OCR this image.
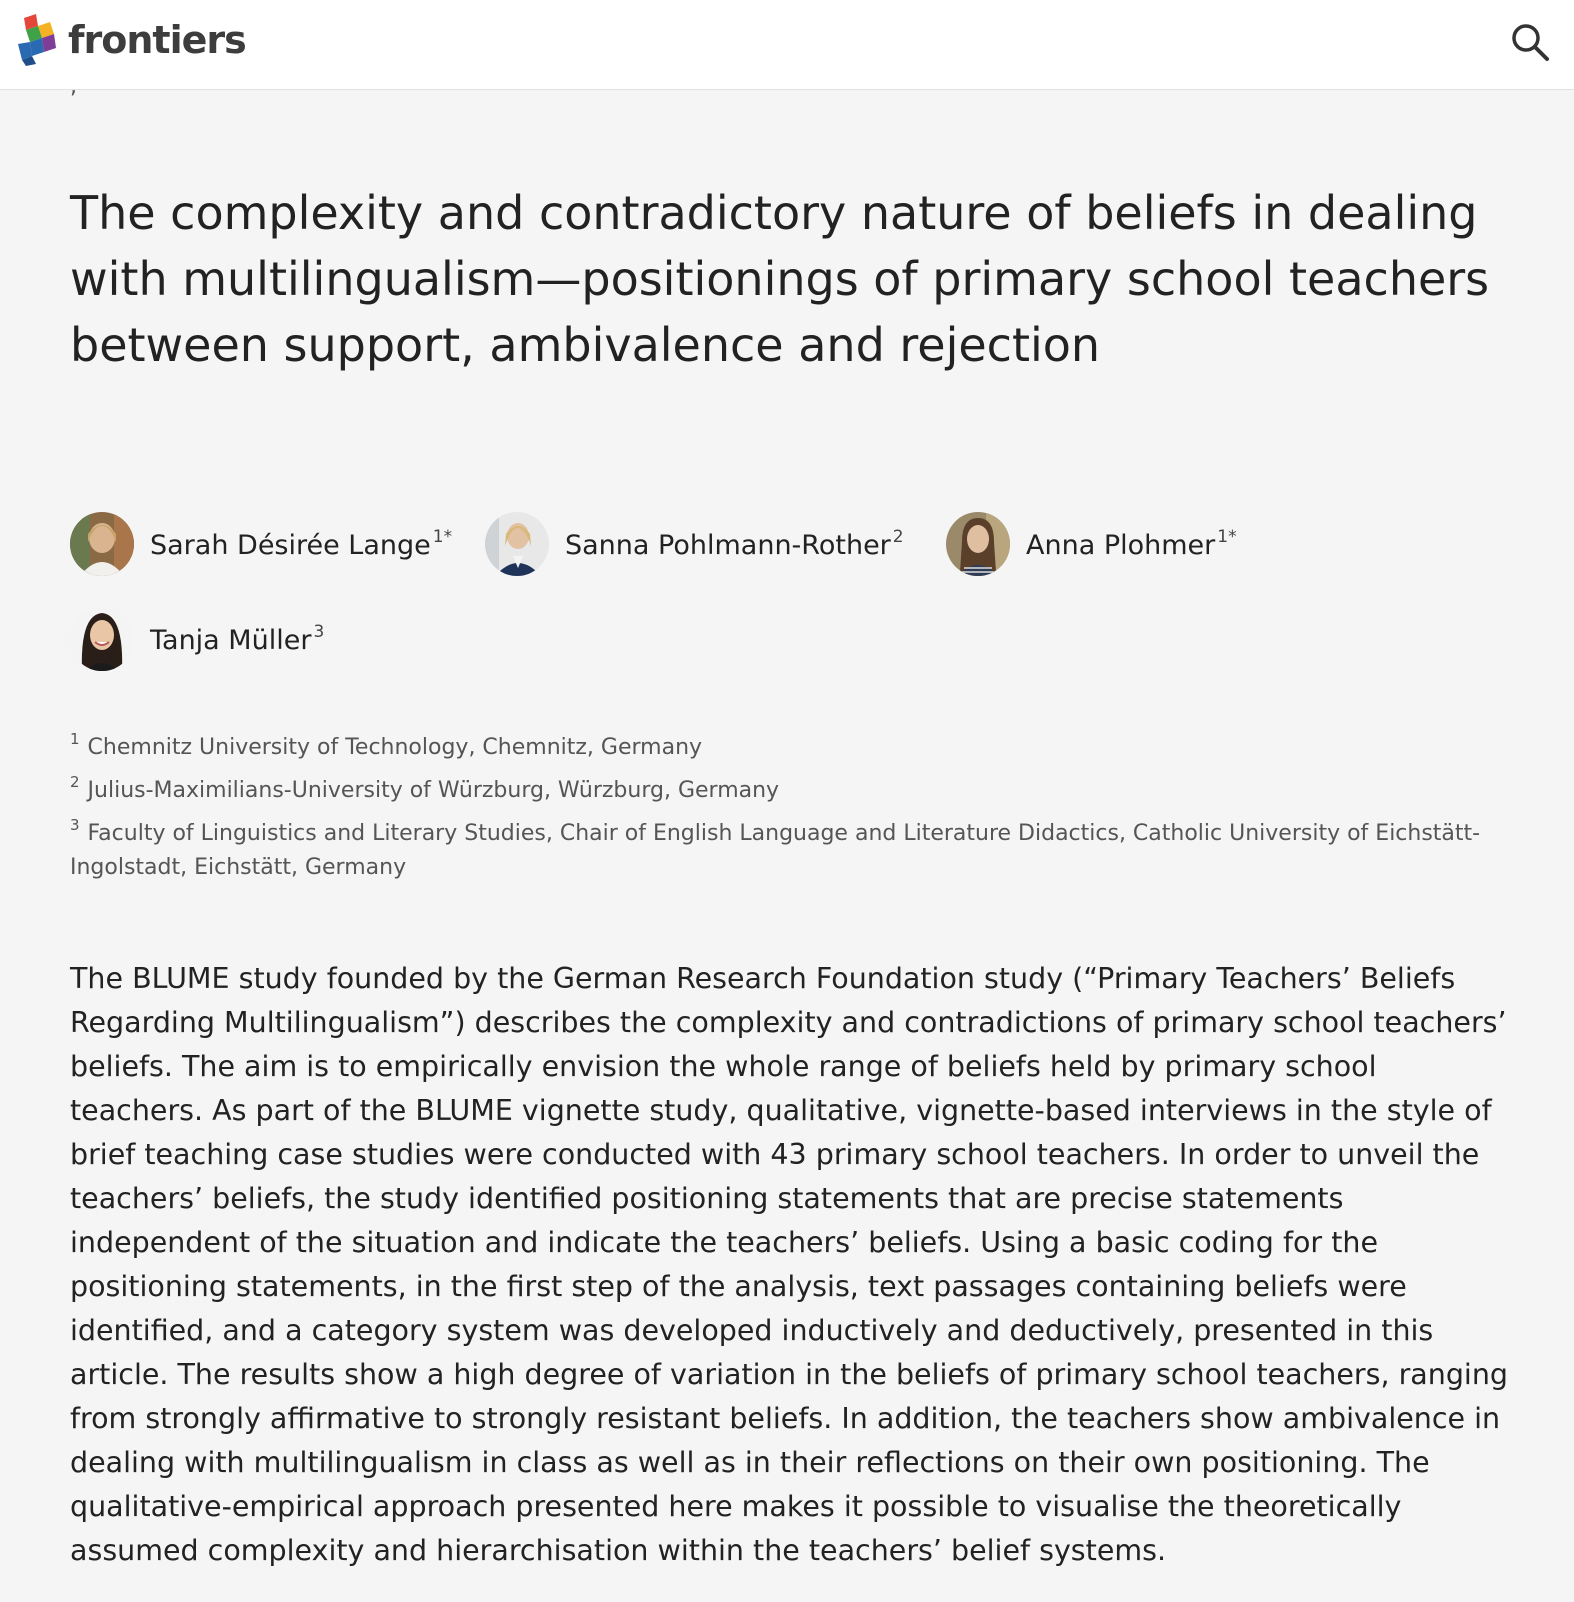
frontiers
The complexity and contradictory nature of beliefs in dealing with multilingualism—positionings of primary school teachers between support, ambivalence and rejection
Sarah Désirée Lange $^{1*}$	Sanna Pohlmann-Rother $^2$	Anna Plohmer $^{1*}$
Tanja Müller $^3$
$^1$ Chemnitz University of Technology, Chemnitz, Germany
$^2$ Julius-Maximilians-University of Würzburg, Würzburg, Germany
$^3$ Faculty of Linguistics and Literary Studies, Chair of English Language and Literature Didactics, Catholic University of Eichstätt-Ingolstadt, Eichstätt, Germany

The BLUME study founded by the German Research Foundation study (“Primary Teachers’ Beliefs Regarding Multilingualism”) describes the complexity and contradictions of primary school teachers’ beliefs. The aim is to empirically envision the whole range of beliefs held by primary school teachers. As part of the BLUME vignette study, qualitative, vignette-based interviews in the style of brief teaching case studies were conducted with 43 primary school teachers. In order to unveil the teachers’ beliefs, the study identified positioning statements that are precise statements independent of the situation and indicate the teachers’ beliefs. Using a basic coding for the positioning statements, in the first step of the analysis, text passages containing beliefs were identified, and a category system was developed inductively and deductively, presented in this article. The results show a high degree of variation in the beliefs of primary school teachers, ranging from strongly affirmative to strongly resistant beliefs. In addition, the teachers show ambivalence in dealing with multilingualism in class as well as in their reflections on their own positioning. The qualitative-empirical approach presented here makes it possible to visualise the theoretically assumed complexity and hierarchisation within the teachers’ belief systems.
